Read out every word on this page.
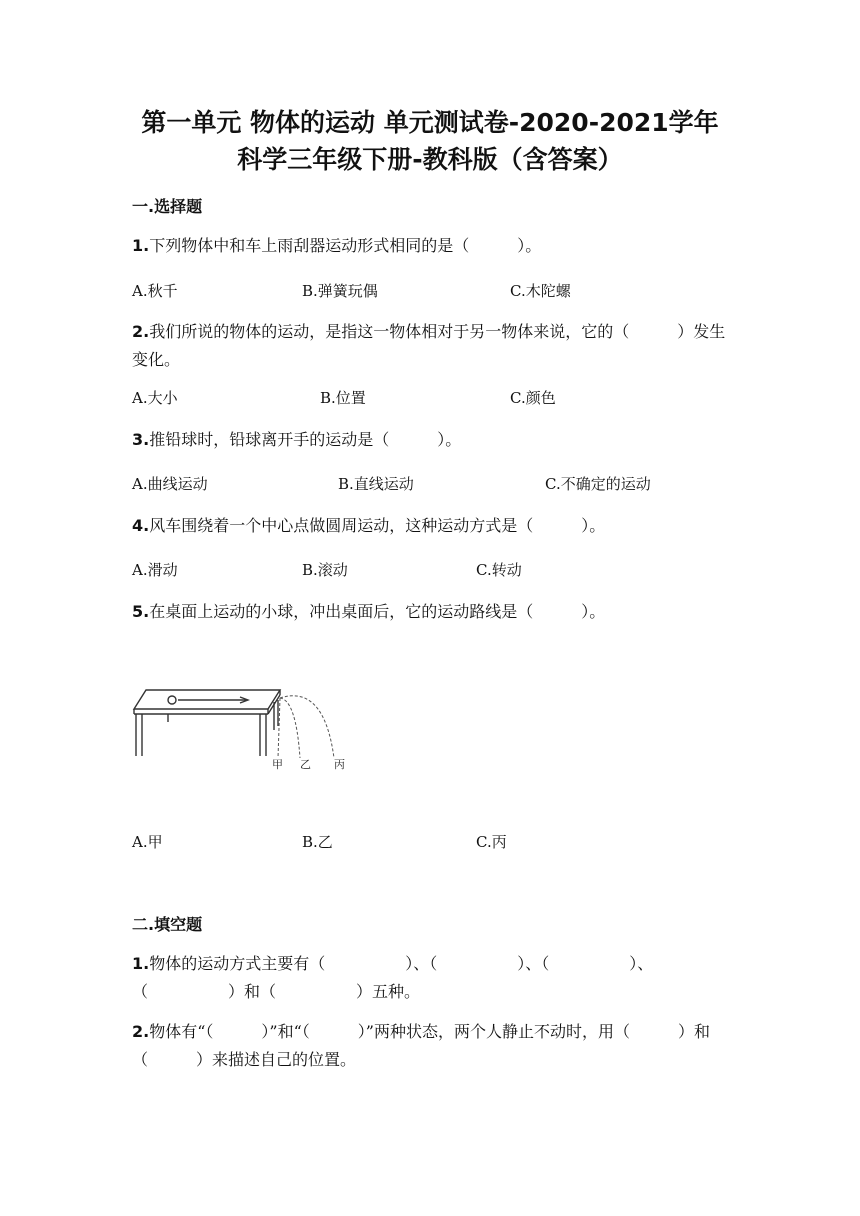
第一单元 物体的运动 单元测试卷-2020-2021学年
科学三年级下册-教科版（含答案）
一.选择题
1.下列物体中和车上雨刮器运动形式相同的是（　　　）。
A.秋千	B.弹簧玩偶	C.木陀螺
2.我们所说的物体的运动，是指这一物体相对于另一物体来说，它的（　　　）发生变化。
A.大小	B.位置	C.颜色
3.推铅球时，铅球离开手的运动是（　　　）。
A.曲线运动	B.直线运动	C.不确定的运动
4.风车围绕着一个中心点做圆周运动，这种运动方式是（　　　）。
A.滑动	B.滚动	C.转动
5.在桌面上运动的小球，冲出桌面后，它的运动路线是（　　　）。
甲 乙 丙
A.甲	B.乙	C.丙
二.填空题
1.物体的运动方式主要有（　　　　　）、（　　　　　）、（　　　　　）、（　　　　　）和（　　　　　）五种。
2.物体有“（　　　）”和“（　　　）”两种状态，两个人静止不动时，用（　　　）和（　　　）来描述自己的位置。
